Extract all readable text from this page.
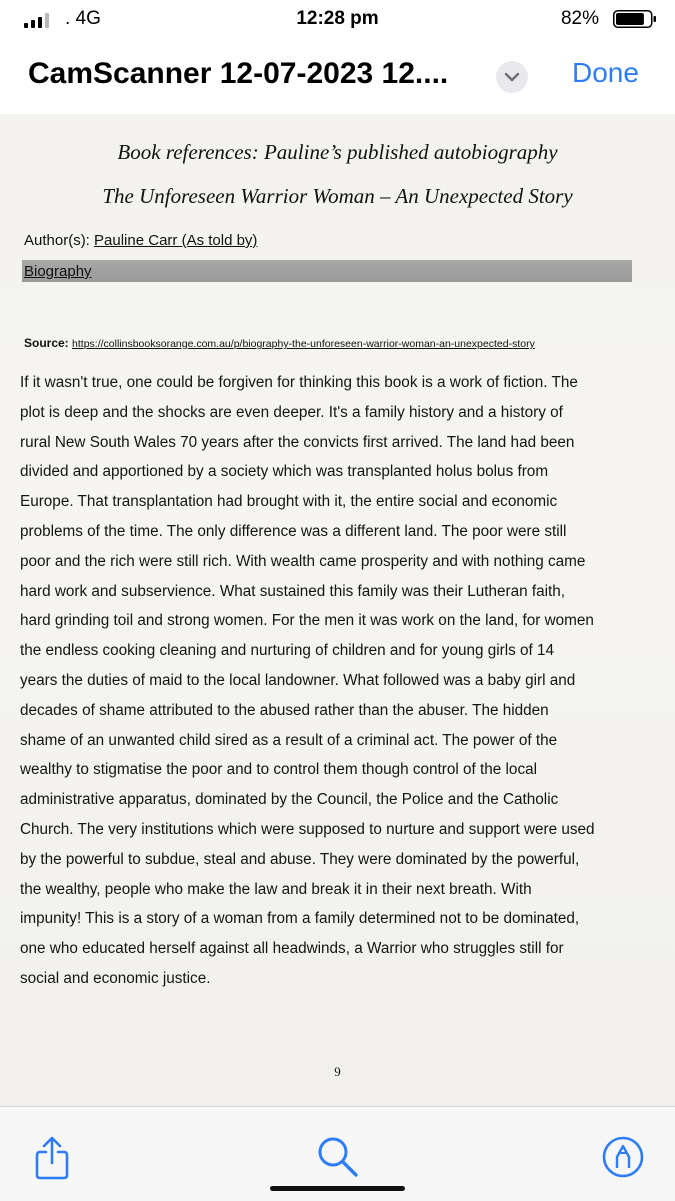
. 4G	12:28 pm	82%
CamScanner 12-07-2023 12....	Done
Book references: Pauline’s published autobiography
The Unforeseen Warrior Woman – An Unexpected Story
Author(s): Pauline Carr (As told by)
Biography
Source: https://collinsbooksorange.com.au/p/biography-the-unforeseen-warrior-woman-an-unexpected-story
If it wasn't true, one could be forgiven for thinking this book is a work of fiction. The
plot is deep and the shocks are even deeper. It's a family history and a history of
rural New South Wales 70 years after the convicts first arrived. The land had been
divided and apportioned by a society which was transplanted holus bolus from
Europe. That transplantation had brought with it, the entire social and economic
problems of the time. The only difference was a different land. The poor were still
poor and the rich were still rich. With wealth came prosperity and with nothing came
hard work and subservience. What sustained this family was their Lutheran faith,
hard grinding toil and strong women. For the men it was work on the land, for women
the endless cooking cleaning and nurturing of children and for young girls of 14
years the duties of maid to the local landowner. What followed was a baby girl and
decades of shame attributed to the abused rather than the abuser. The hidden
shame of an unwanted child sired as a result of a criminal act. The power of the
wealthy to stigmatise the poor and to control them though control of the local
administrative apparatus, dominated by the Council, the Police and the Catholic
Church. The very institutions which were supposed to nurture and support were used
by the powerful to subdue, steal and abuse. They were dominated by the powerful,
the wealthy, people who make the law and break it in their next breath. With
impunity! This is a story of a woman from a family determined not to be dominated,
one who educated herself against all headwinds, a Warrior who struggles still for
social and economic justice.
9
